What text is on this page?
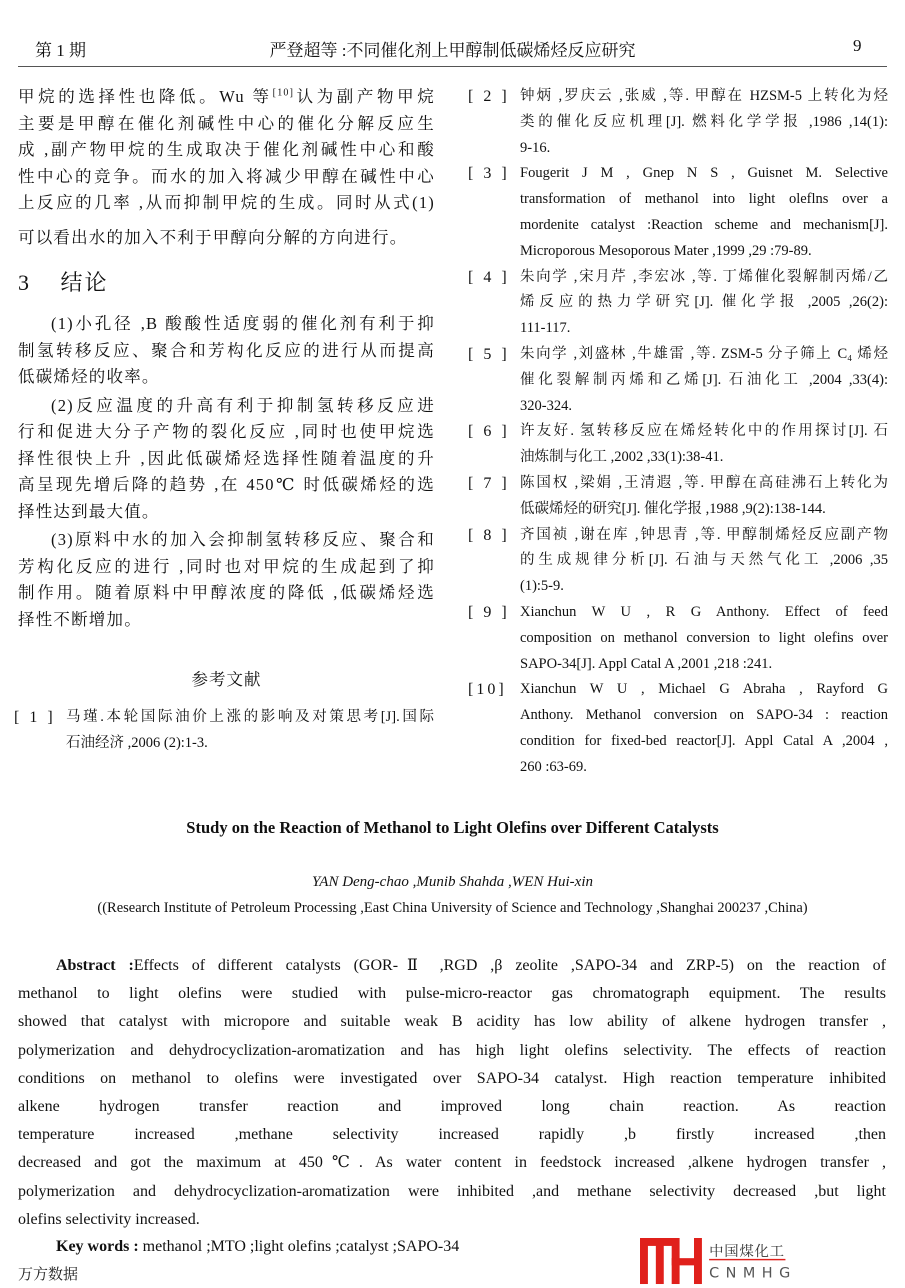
第 1 期	严登超等 :不同催化剂上甲醇制低碳烯烃反应研究	9
甲烷的选择性也降低。Wu 等[10]认为副产物甲烷
主要是甲醇在催化剂碱性中心的催化分解反应生
成 ,副产物甲烷的生成取决于催化剂碱性中心和酸
性中心的竞争。而水的加入将减少甲醇在碱性中心
上反应的几率 ,从而抑制甲烷的生成。同时从式(1)
可以看出水的加入不利于甲醇向分解的方向进行。
3 结论
(1)小孔径 ,B 酸酸性适度弱的催化剂有利于抑
制氢转移反应、聚合和芳构化反应的进行从而提高
低碳烯烃的收率。
(2)反应温度的升高有利于抑制氢转移反应进
行和促进大分子产物的裂化反应 ,同时也使甲烷选
择性很快上升 ,因此低碳烯烃选择性随着温度的升
高呈现先增后降的趋势 ,在 450℃ 时低碳烯烃的选
择性达到最大值。
(3)原料中水的加入会抑制氢转移反应、聚合和
芳构化反应的进行 ,同时也对甲烷的生成起到了抑
制作用。随着原料中甲醇浓度的降低 ,低碳烯烃选
择性不断增加。
参考文献
[ 1 ] 马瑾.本轮国际油价上涨的影响及对策思考[J].国际
石油经济 ,2006 (2):1-3.
[ 2 ] 钟炳 ,罗庆云 ,张威 ,等. 甲醇在 HZSM-5 上转化为烃
类的催化反应机理[J]. 燃料化学学报 ,1986 ,14(1):
9-16.
[ 3 ] Fougerit J M , Gnep N S , Guisnet M. Selective
transformation of methanol into light oleflns over a
mordenite catalyst :Reaction scheme and mechanism[J].
Microporous Mesoporous Mater ,1999 ,29 :79-89.
[ 4 ] 朱向学 ,宋月芹 ,李宏冰 ,等. 丁烯催化裂解制丙烯/乙
烯反应的热力学研究[J]. 催化学报 ,2005 ,26(2):
111-117.
[ 5 ] 朱向学 ,刘盛林 ,牛雄雷 ,等. ZSM-5 分子筛上 C₄ 烯烃
催化裂解制丙烯和乙烯[J]. 石油化工 ,2004 ,33(4):
320-324.
[ 6 ] 许友好. 氢转移反应在烯烃转化中的作用探讨[J]. 石
油炼制与化工 ,2002 ,33(1):38-41.
[ 7 ] 陈国权 ,梁娟 ,王清遐 ,等. 甲醇在高硅沸石上转化为
低碳烯烃的研究[J]. 催化学报 ,1988 ,9(2):138-144.
[ 8 ] 齐国祯 ,谢在库 ,钟思青 ,等. 甲醇制烯烃反应副产物
的生成规律分析[J]. 石油与天然气化工 ,2006 ,35
(1):5-9.
[ 9 ] Xianchun W U , R G Anthony. Effect of feed
composition on methanol conversion to light olefins over
SAPO-34[J]. Appl Catal A ,2001 ,218 :241.
[10] Xianchun W U , Michael G Abraha , Rayford G
Anthony. Methanol conversion on SAPO-34 : reaction
condition for fixed-bed reactor[J]. Appl Catal A ,2004 ,
260 :63-69.
Study on the Reaction of Methanol to Light Olefins over Different Catalysts
YAN Deng-chao ,Munib Shahda ,WEN Hui-xin
((Research Institute of Petroleum Processing ,East China University of Science and Technology ,Shanghai 200237 ,China)
Abstract :Effects of different catalysts (GOR-Ⅱ ,RGD ,β zeolite ,SAPO-34 and ZRP-5) on the reaction of
methanol to light olefins were studied with pulse-micro-reactor gas chromatograph equipment. The results
showed that catalyst with micropore and suitable weak B acidity has low ability of alkene hydrogen transfer ,
polymerization and dehydrocyclization-aromatization and has high light olefins selectivity. The effects of reaction
conditions on methanol to olefins were investigated over SAPO-34 catalyst. High reaction temperature inhibited
alkene hydrogen transfer reaction and improved long chain reaction. As reaction
temperature increased ,methane selectivity increased rapidly ,b firstly increased ,then
decreased and got the maximum at 450℃. As water content in feedstock increased ,alkene hydrogen transfer ,
polymerization and dehydrocyclization-aromatization were inhibited ,and methane selectivity decreased ,but light
olefins selectivity increased.
Key words : methanol ;MTO ;light olefins ;catalyst ;SAPO-34	中国煤化工
CNMHG
万方数据
